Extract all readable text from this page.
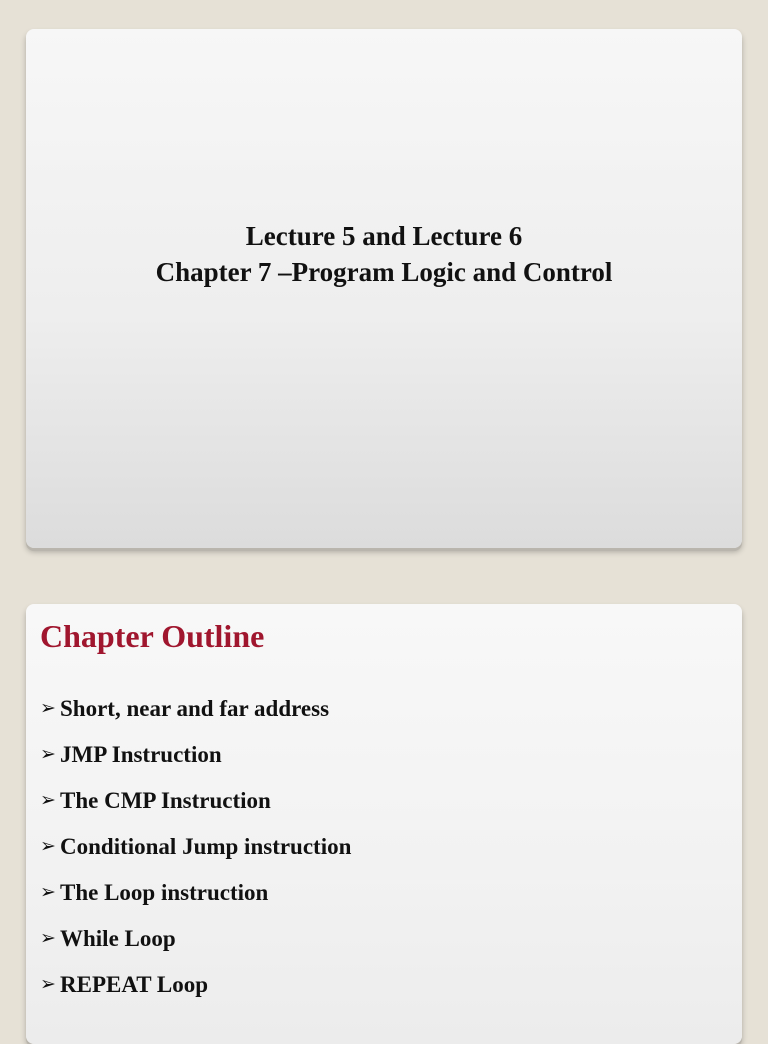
Lecture 5 and Lecture 6
Chapter 7 –Program Logic and Control
Chapter Outline
➢ Short, near and far address
➢ JMP Instruction
➢ The CMP Instruction
➢ Conditional Jump instruction
➢ The Loop instruction
➢ While Loop
➢ REPEAT Loop
